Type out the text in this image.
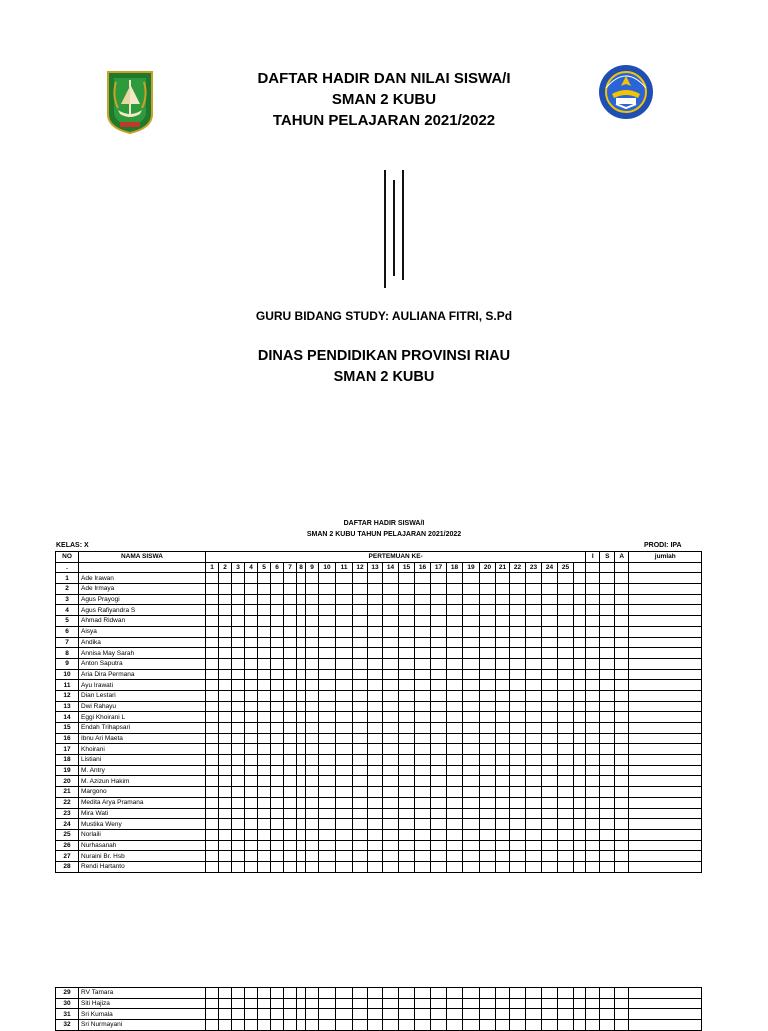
DAFTAR HADIR DAN NILAI SISWA/I
SMAN 2 KUBU
TAHUN PELAJARAN 2021/2022
GURU BIDANG STUDY: AULIANA FITRI, S.Pd
DINAS PENDIDIKAN PROVINSI RIAU
SMAN 2 KUBU
DAFTAR HADIR SISWA/I
SMAN 2 KUBU TAHUN PELAJARAN 2021/2022
KELAS: X	PRODI: IPA
NO	NAMA SISWA	PERTEMUAN KE-																										I	S	A	jumlah
.		1	2	3	4	5	6	7	8	9	10	11	12	13	14	15	16	17	18	19	20	21	22	23	24	25					
1	Ade Irawan																														
2	Ade Irmaya																														
3	Agus Prayogi																														
4	Agus Rafiyandra S																														
5	Ahmad Ridwan																														
6	Aisya																														
7	Andika																														
8	Annisa May Sarah																														
9	Anton Saputra																														
10	Aria Dira Permana																														
11	Ayu Irawati																														
12	Dian Lestari																														
13	Dwi Rahayu																														
14	Eggi Khoirani L																														
15	Endah Trihapsari																														
16	Ibnu Ari Maeta																														
17	Khoirani																														
18	Listiani																														
19	M. Antry																														
20	M. Azizun Hakim																														
21	Margono																														
22	Medita Arya Pramana																														
23	Mira Wati																														
24	Mustika Weny																														
25	Norlaili																														
26	Nurhasanah																														
27	Nuraini Br. Hsb																														
28	Rendi Hartanto																														
29	RV Tamara																														
30	Siti Hajiza																														
31	Sri Kumala																														
32	Sri Nurmayani																														
